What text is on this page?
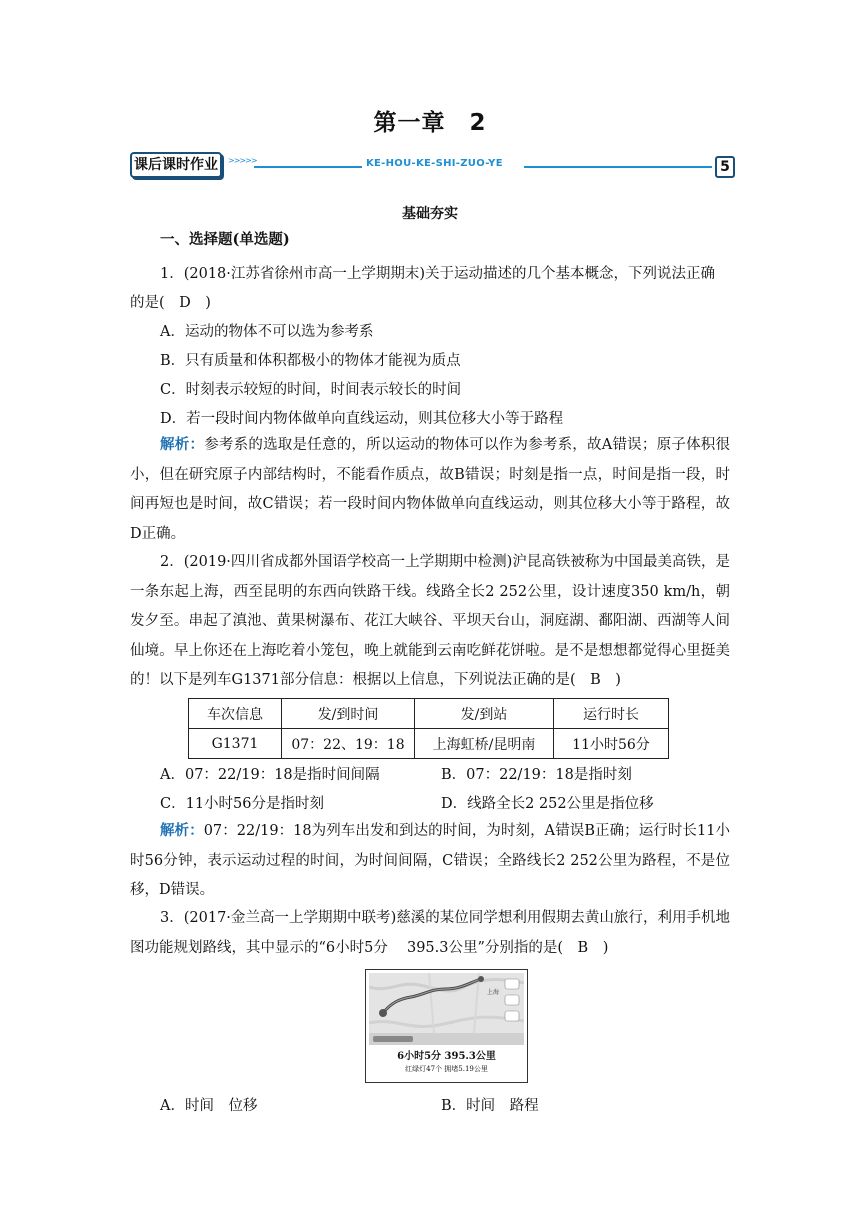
第一章　2
课后课时作业	>>>>>	KE-HOU-KE-SHI-ZUO-YE	5
基础夯实
一、选择题(单选题)
1．(2018·江苏省徐州市高一上学期期末)关于运动描述的几个基本概念，下列说法正确
的是(　D　)
A．运动的物体不可以选为参考系
B．只有质量和体积都极小的物体才能视为质点
C．时刻表示较短的时间，时间表示较长的时间
D．若一段时间内物体做单向直线运动，则其位移大小等于路程
解析：参考系的选取是任意的，所以运动的物体可以作为参考系，故A错误；原子体积很小，但在研究原子内部结构时，不能看作质点，故B错误；时刻是指一点，时间是指一段，时间再短也是时间，故C错误；若一段时间内物体做单向直线运动，则其位移大小等于路程，故D正确。
2．(2019·四川省成都外国语学校高一上学期期中检测)沪昆高铁被称为中国最美高铁，是一条东起上海，西至昆明的东西向铁路干线。线路全长2 252公里，设计速度350 km/h，朝发夕至。串起了滇池、黄果树瀑布、花江大峡谷、平坝天台山，洞庭湖、鄱阳湖、西湖等人间仙境。早上你还在上海吃着小笼包，晚上就能到云南吃鲜花饼啦。是不是想想都觉得心里挺美的！以下是列车G1371部分信息：根据以上信息，下列说法正确的是(　B　)
车次信息	发/到时间	发/到站	运行时长
G1371	07：22、19：18	上海虹桥/昆明南	11小时56分
A．07：22/19：18是指时间间隔	B．07：22/19：18是指时刻
C．11小时56分是指时刻	D．线路全长2 252公里是指位移
解析：07：22/19：18为列车出发和到达的时间，为时刻，A错误B正确；运行时长11小时56分钟，表示运动过程的时间，为时间间隔，C错误；全路线长2 252公里为路程，不是位移，D错误。
3．(2017·金兰高一上学期期中联考)慈溪的某位同学想利用假期去黄山旅行，利用手机地图功能规划路线，其中显示的“6小时5分　 395.3公里”分别指的是(　B　)
上海
6小时5分 395.3公里
红绿灯47个 拥堵5.19公里
A．时间　位移	B．时间　路程
